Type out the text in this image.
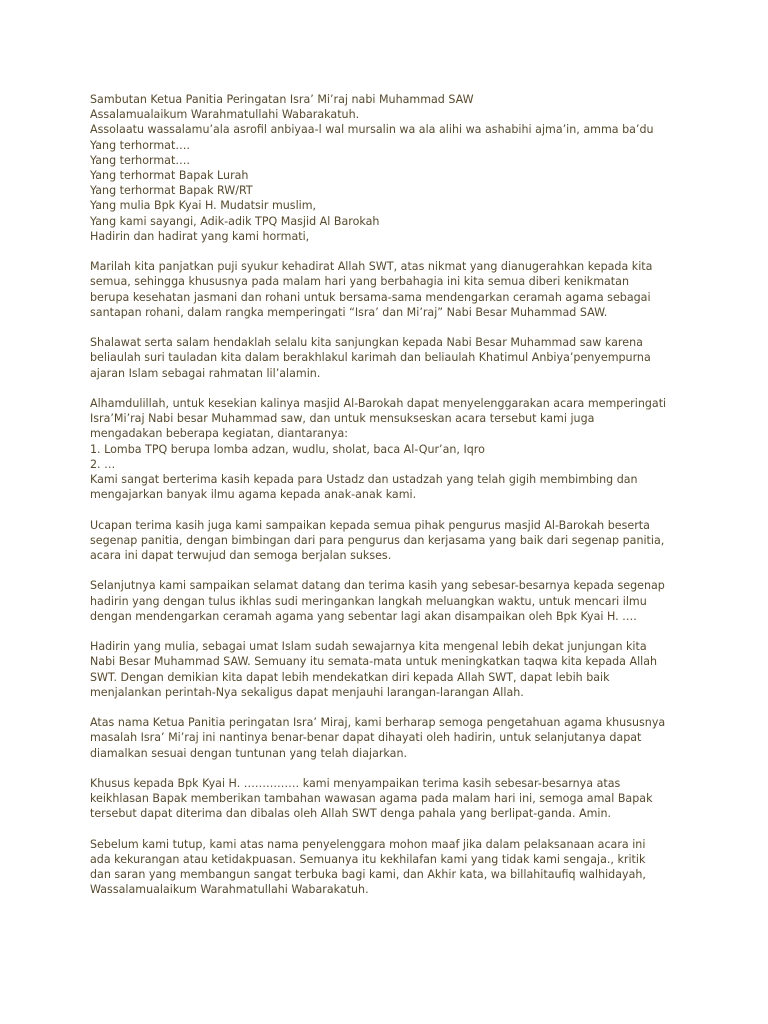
Sambutan Ketua Panitia Peringatan Isra’ Mi’raj nabi Muhammad SAW
Assalamualaikum Warahmatullahi Wabarakatuh.
Assolaatu wassalamu’ala asrofil anbiyaa-l wal mursalin wa ala alihi wa ashabihi ajma’in, amma ba’du
Yang terhormat….
Yang terhormat….
Yang terhormat Bapak Lurah
Yang terhormat Bapak RW/RT
Yang mulia Bpk Kyai H. Mudatsir muslim,
Yang kami sayangi, Adik-adik TPQ Masjid Al Barokah
Hadirin dan hadirat yang kami hormati,
Marilah kita panjatkan puji syukur kehadirat Allah SWT, atas nikmat yang dianugerahkan kepada kita
semua, sehingga khususnya pada malam hari yang berbahagia ini kita semua diberi kenikmatan
berupa kesehatan jasmani dan rohani untuk bersama-sama mendengarkan ceramah agama sebagai
santapan rohani, dalam rangka memperingati “Isra’ dan Mi’raj” Nabi Besar Muhammad SAW.
Shalawat serta salam hendaklah selalu kita sanjungkan kepada Nabi Besar Muhammad saw karena
beliaulah suri tauladan kita dalam berakhlakul karimah dan beliaulah Khatimul Anbiya’penyempurna
ajaran Islam sebagai rahmatan lil’alamin.
Alhamdulillah, untuk kesekian kalinya masjid Al-Barokah dapat menyelenggarakan acara memperingati
Isra’Mi’raj Nabi besar Muhammad saw, dan untuk mensukseskan acara tersebut kami juga
mengadakan beberapa kegiatan, diantaranya:
1. Lomba TPQ berupa lomba adzan, wudlu, sholat, baca Al-Qur’an, Iqro
2. …
Kami sangat berterima kasih kepada para Ustadz dan ustadzah yang telah gigih membimbing dan
mengajarkan banyak ilmu agama kepada anak-anak kami.
Ucapan terima kasih juga kami sampaikan kepada semua pihak pengurus masjid Al-Barokah beserta
segenap panitia, dengan bimbingan dari para pengurus dan kerjasama yang baik dari segenap panitia,
acara ini dapat terwujud dan semoga berjalan sukses.
Selanjutnya kami sampaikan selamat datang dan terima kasih yang sebesar-besarnya kepada segenap
hadirin yang dengan tulus ikhlas sudi meringankan langkah meluangkan waktu, untuk mencari ilmu
dengan mendengarkan ceramah agama yang sebentar lagi akan disampaikan oleh Bpk Kyai H. ….
Hadirin yang mulia, sebagai umat Islam sudah sewajarnya kita mengenal lebih dekat junjungan kita
Nabi Besar Muhammad SAW. Semuany itu semata-mata untuk meningkatkan taqwa kita kepada Allah
SWT. Dengan demikian kita dapat lebih mendekatkan diri kepada Allah SWT, dapat lebih baik
menjalankan perintah-Nya sekaligus dapat menjauhi larangan-larangan Allah.
Atas nama Ketua Panitia peringatan Isra’ Miraj, kami berharap semoga pengetahuan agama khususnya
masalah Isra’ Mi’raj ini nantinya benar-benar dapat dihayati oleh hadirin, untuk selanjutanya dapat
diamalkan sesuai dengan tuntunan yang telah diajarkan.
Khusus kepada Bpk Kyai H. …………… kami menyampaikan terima kasih sebesar-besarnya atas
keikhlasan Bapak memberikan tambahan wawasan agama pada malam hari ini, semoga amal Bapak
tersebut dapat diterima dan dibalas oleh Allah SWT denga pahala yang berlipat-ganda. Amin.
Sebelum kami tutup, kami atas nama penyelenggara mohon maaf jika dalam pelaksanaan acara ini
ada kekurangan atau ketidakpuasan. Semuanya itu kekhilafan kami yang tidak kami sengaja., kritik
dan saran yang membangun sangat terbuka bagi kami, dan Akhir kata, wa billahitaufiq walhidayah,
Wassalamualaikum Warahmatullahi Wabarakatuh.
